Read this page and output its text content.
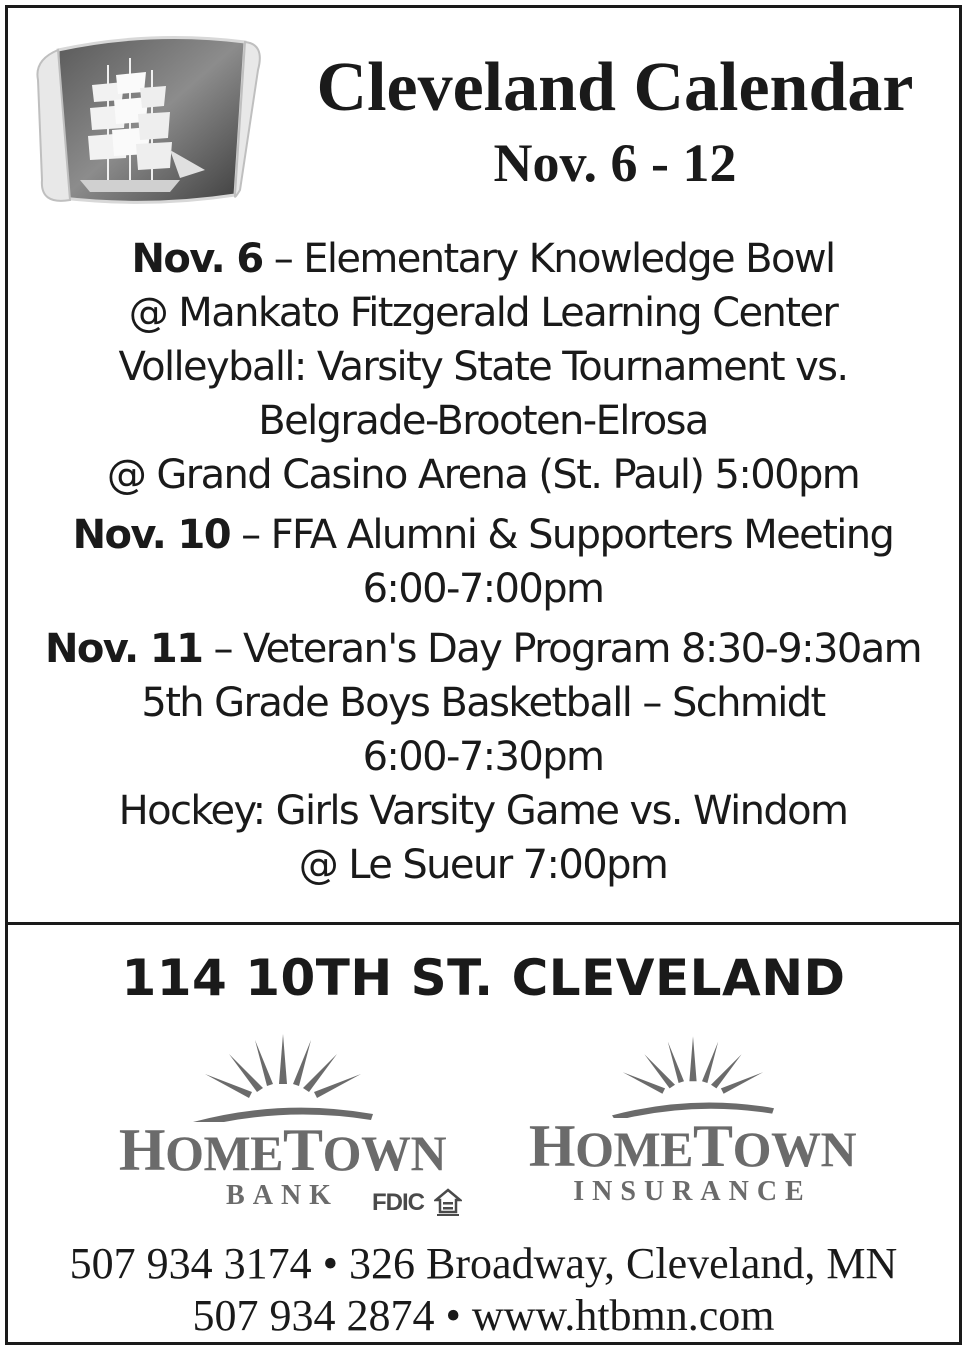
Cleveland Calendar
Nov. 6 - 12
Nov. 6 – Elementary Knowledge Bowl
@ Mankato Fitzgerald Learning Center
Volleyball: Varsity State Tournament vs.
Belgrade-Brooten-Elrosa
@ Grand Casino Arena (St. Paul) 5:00pm
Nov. 10 – FFA Alumni & Supporters Meeting
6:00-7:00pm
Nov. 11 – Veteran's Day Program 8:30-9:30am
5th Grade Boys Basketball – Schmidt
6:00-7:30pm
Hockey: Girls Varsity Game vs. Windom
@ Le Sueur 7:00pm
114 10TH ST. CLEVELAND
HOMETOWN
BANK	FDIC
HOMETOWN
INSURANCE
507 934 3174 • 326 Broadway, Cleveland, MN
507 934 2874 • www.htbmn.com
